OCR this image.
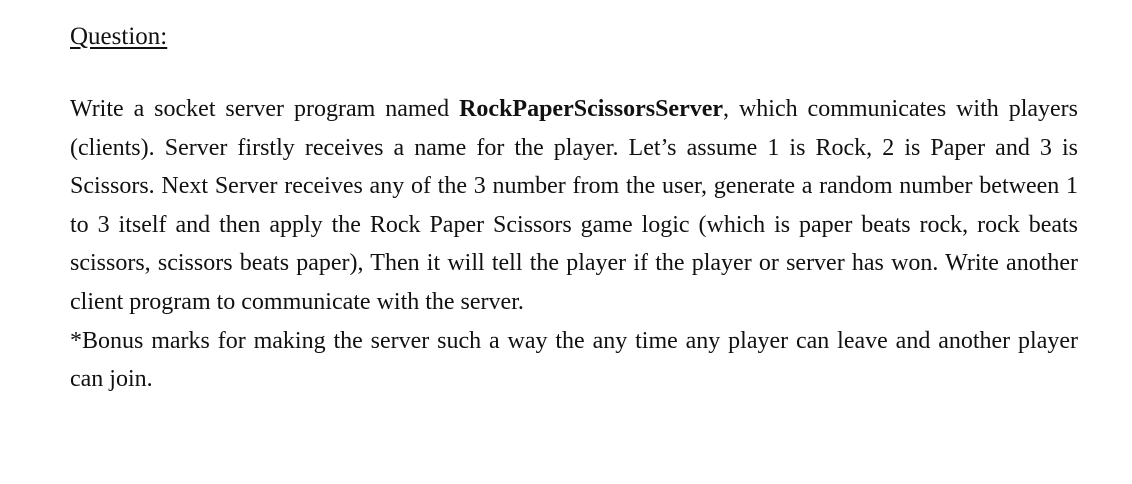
Question:

Write a socket server program named RockPaperScissorsServer, which communicates with players (clients). Server firstly receives a name for the player. Let’s assume 1 is Rock, 2 is Paper and 3 is Scissors. Next Server receives any of the 3 number from the user, generate a random number between 1 to 3 itself and then apply the Rock Paper Scissors game logic (which is paper beats rock, rock beats scissors, scissors beats paper), Then it will tell the player if the player or server has won. Write another client program to communicate with the server.

*Bonus marks for making the server such a way the any time any player can leave and another player can join.
